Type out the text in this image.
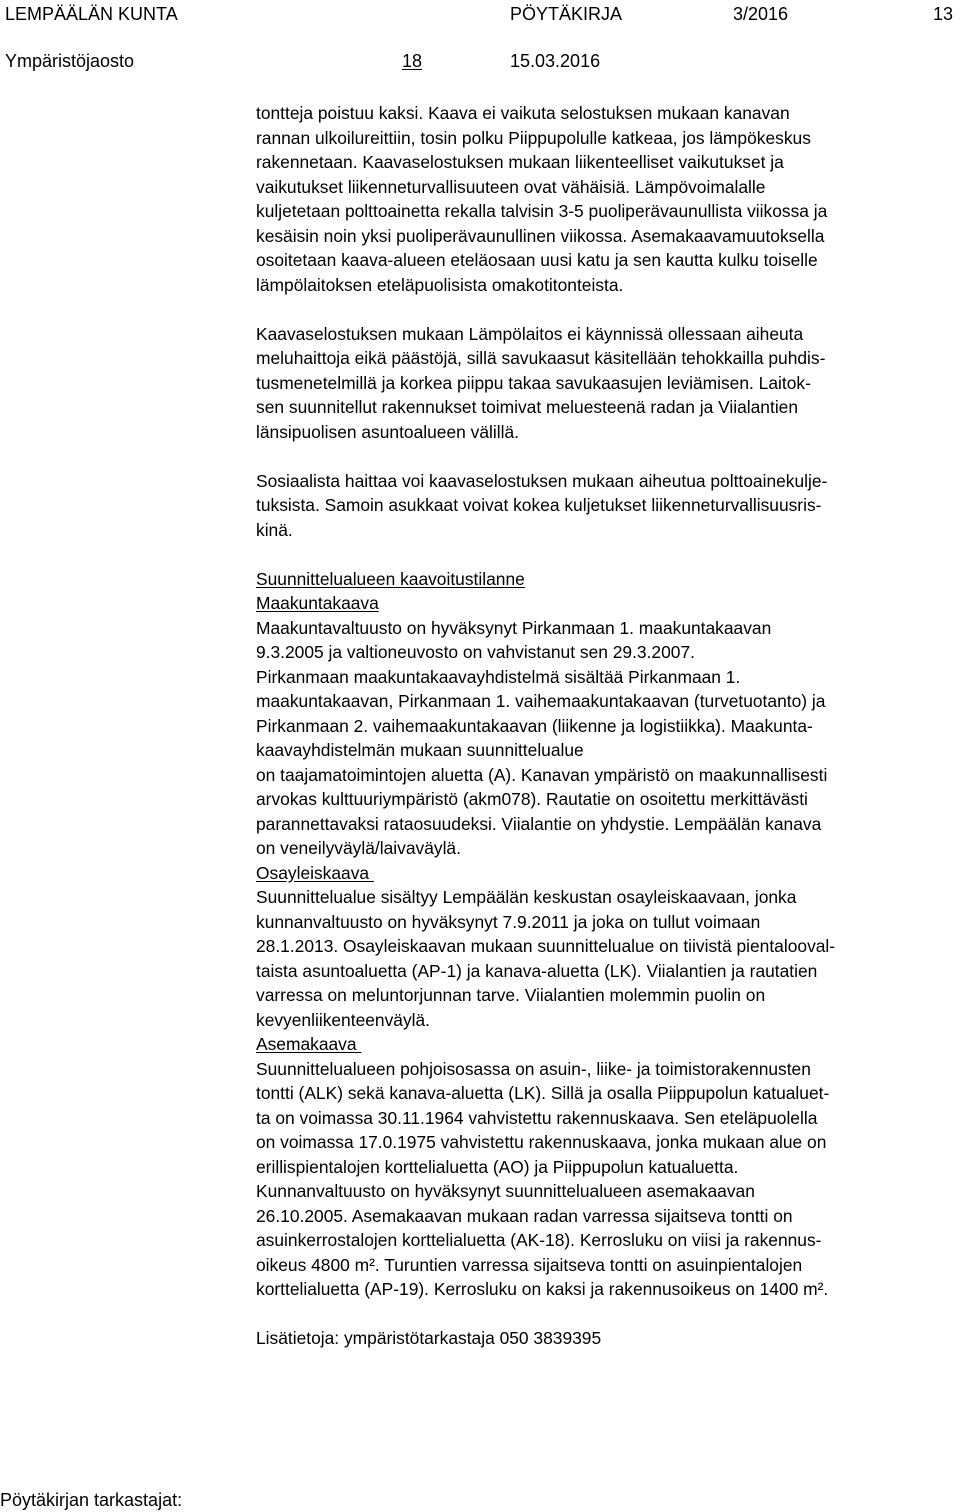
LEMPÄÄLÄN KUNTA	PÖYTÄKIRJA	3/2016	13
Ympäristöjaosto	18	15.03.2016
tontteja poistuu kaksi. Kaava ei vaikuta selostuksen mukaan kanavan
rannan ulkoilureittiin, tosin polku Piippupolulle katkeaa, jos lämpökeskus
rakennetaan. Kaavaselostuksen mukaan liikenteelliset vaikutukset ja
vaikutukset liikenneturvallisuuteen ovat vähäisiä. Lämpövoimalalle
kuljetetaan polttoainetta rekalla talvisin 3-5 puoliperävaunullista viikossa ja
kesäisin noin yksi puoliperävaunullinen viikossa. Asemakaavamuutoksella
osoitetaan kaava-alueen eteläosaan uusi katu ja sen kautta kulku toiselle
lämpölaitoksen eteläpuolisista omakotitonteista.
Kaavaselostuksen mukaan Lämpölaitos ei käynnissä ollessaan aiheuta
meluhaittoja eikä päästöjä, sillä savukaasut käsitellään tehokkailla puhdis-
tusmenetelmillä ja korkea piippu takaa savukaasujen leviämisen. Laitok-
sen suunnitellut rakennukset toimivat meluesteenä radan ja Viialantien
länsipuolisen asuntoalueen välillä.
Sosiaalista haittaa voi kaavaselostuksen mukaan aiheutua polttoainekulje-
tuksista. Samoin asukkaat voivat kokea kuljetukset liikenneturvallisuusris-
kinä.
Suunnittelualueen kaavoitustilanne
Maakuntakaava
Maakuntavaltuusto on hyväksynyt Pirkanmaan 1. maakuntakaavan
9.3.2005 ja valtioneuvosto on vahvistanut sen 29.3.2007.
Pirkanmaan maakuntakaavayhdistelmä sisältää Pirkanmaan 1.
maakuntakaavan, Pirkanmaan 1. vaihemaakuntakaavan (turvetuotanto) ja
Pirkanmaan 2. vaihemaakuntakaavan (liikenne ja logistiikka). Maakunta-
kaavayhdistelmän mukaan suunnittelualue
on taajamatoimintojen aluetta (A). Kanavan ympäristö on maakunnallisesti
arvokas kulttuuriympäristö (akm078). Rautatie on osoitettu merkittävästi
parannettavaksi rataosuudeksi. Viialantie on yhdystie. Lempäälän kanava
on veneilyväylä/laivaväylä.
Osayleiskaava
Suunnittelualue sisältyy Lempäälän keskustan osayleiskaavaan, jonka
kunnanvaltuusto on hyväksynyt 7.9.2011 ja joka on tullut voimaan
28.1.2013. Osayleiskaavan mukaan suunnittelualue on tiivistä pientalooval-
taista asuntoaluetta (AP-1) ja kanava-aluetta (LK). Viialantien ja rautatien
varressa on meluntorjunnan tarve. Viialantien molemmin puolin on
kevyenliikenteenväylä.
Asemakaava
Suunnittelualueen pohjoisosassa on asuin-, liike- ja toimistorakennusten
tontti (ALK) sekä kanava-aluetta (LK). Sillä ja osalla Piippupolun katualuet-
ta on voimassa 30.11.1964 vahvistettu rakennuskaava. Sen eteläpuolella
on voimassa 17.0.1975 vahvistettu rakennuskaava, jonka mukaan alue on
erillispientalojen korttelialuetta (AO) ja Piippupolun katualuetta.
Kunnanvaltuusto on hyväksynyt suunnittelualueen asemakaavan
26.10.2005. Asemakaavan mukaan radan varressa sijaitseva tontti on
asuinkerrostalojen korttelialuetta (AK-18). Kerrosluku on viisi ja rakennus-
oikeus 4800 m². Turuntien varressa sijaitseva tontti on asuinpientalojen
korttelialuetta (AP-19). Kerrosluku on kaksi ja rakennusoikeus on 1400 m².
Lisätietoja: ympäristötarkastaja 050 3839395
Pöytäkirjan tarkastajat:
